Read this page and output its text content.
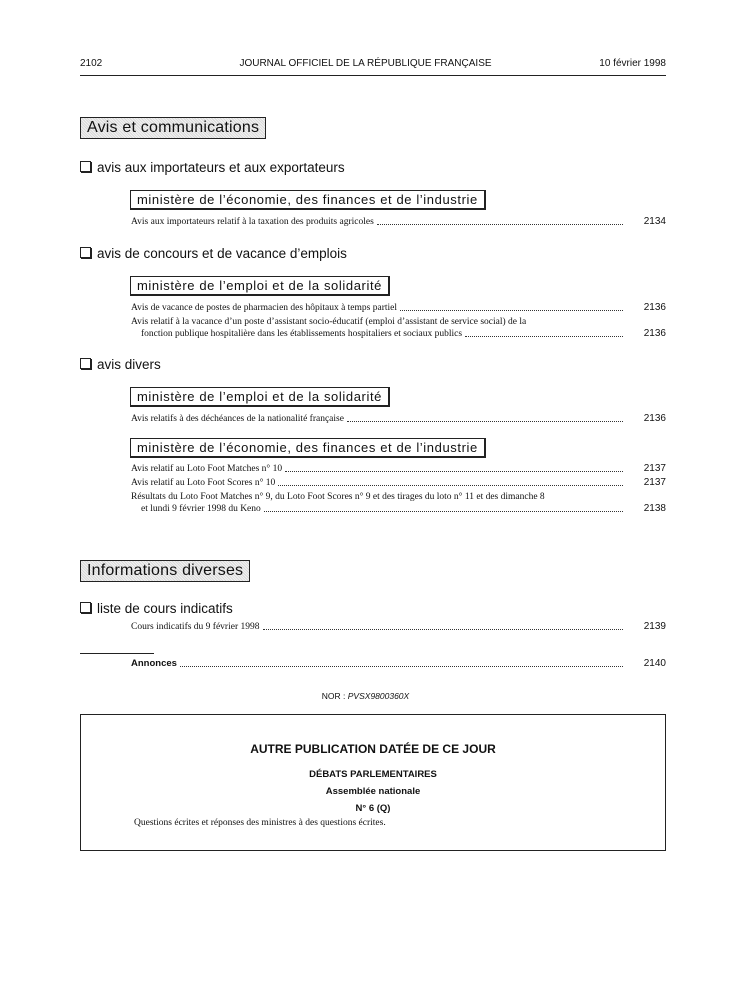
2102	JOURNAL OFFICIEL DE LA RÉPUBLIQUE FRANÇAISE	10 février 1998
Avis et communications
avis aux importateurs et aux exportateurs
ministère de l’économie, des finances et de l’industrie
Avis aux importateurs relatif à la taxation des produits agricoles	2134
avis de concours et de vacance d’emplois
ministère de l’emploi et de la solidarité
Avis de vacance de postes de pharmacien des hôpitaux à temps partiel	2136
Avis relatif à la vacance d’un poste d’assistant socio-éducatif (emploi d’assistant de service social) de la
fonction publique hospitalière dans les établissements hospitaliers et sociaux publics	2136
avis divers
ministère de l’emploi et de la solidarité
Avis relatifs à des déchéances de la nationalité française	2136
ministère de l’économie, des finances et de l’industrie
Avis relatif au Loto Foot Matches n° 10	2137
Avis relatif au Loto Foot Scores n° 10	2137
Résultats du Loto Foot Matches n° 9, du Loto Foot Scores n° 9 et des tirages du loto n° 11 et des dimanche 8
et lundi 9 février 1998 du Keno	2138
Informations diverses
liste de cours indicatifs
Cours indicatifs du 9 février 1998	2139
Annonces	2140
NOR : PVSX9800360X
AUTRE PUBLICATION DATÉE DE CE JOUR
DÉBATS PARLEMENTAIRES
Assemblée nationale
N° 6 (Q)
Questions écrites et réponses des ministres à des questions écrites.
